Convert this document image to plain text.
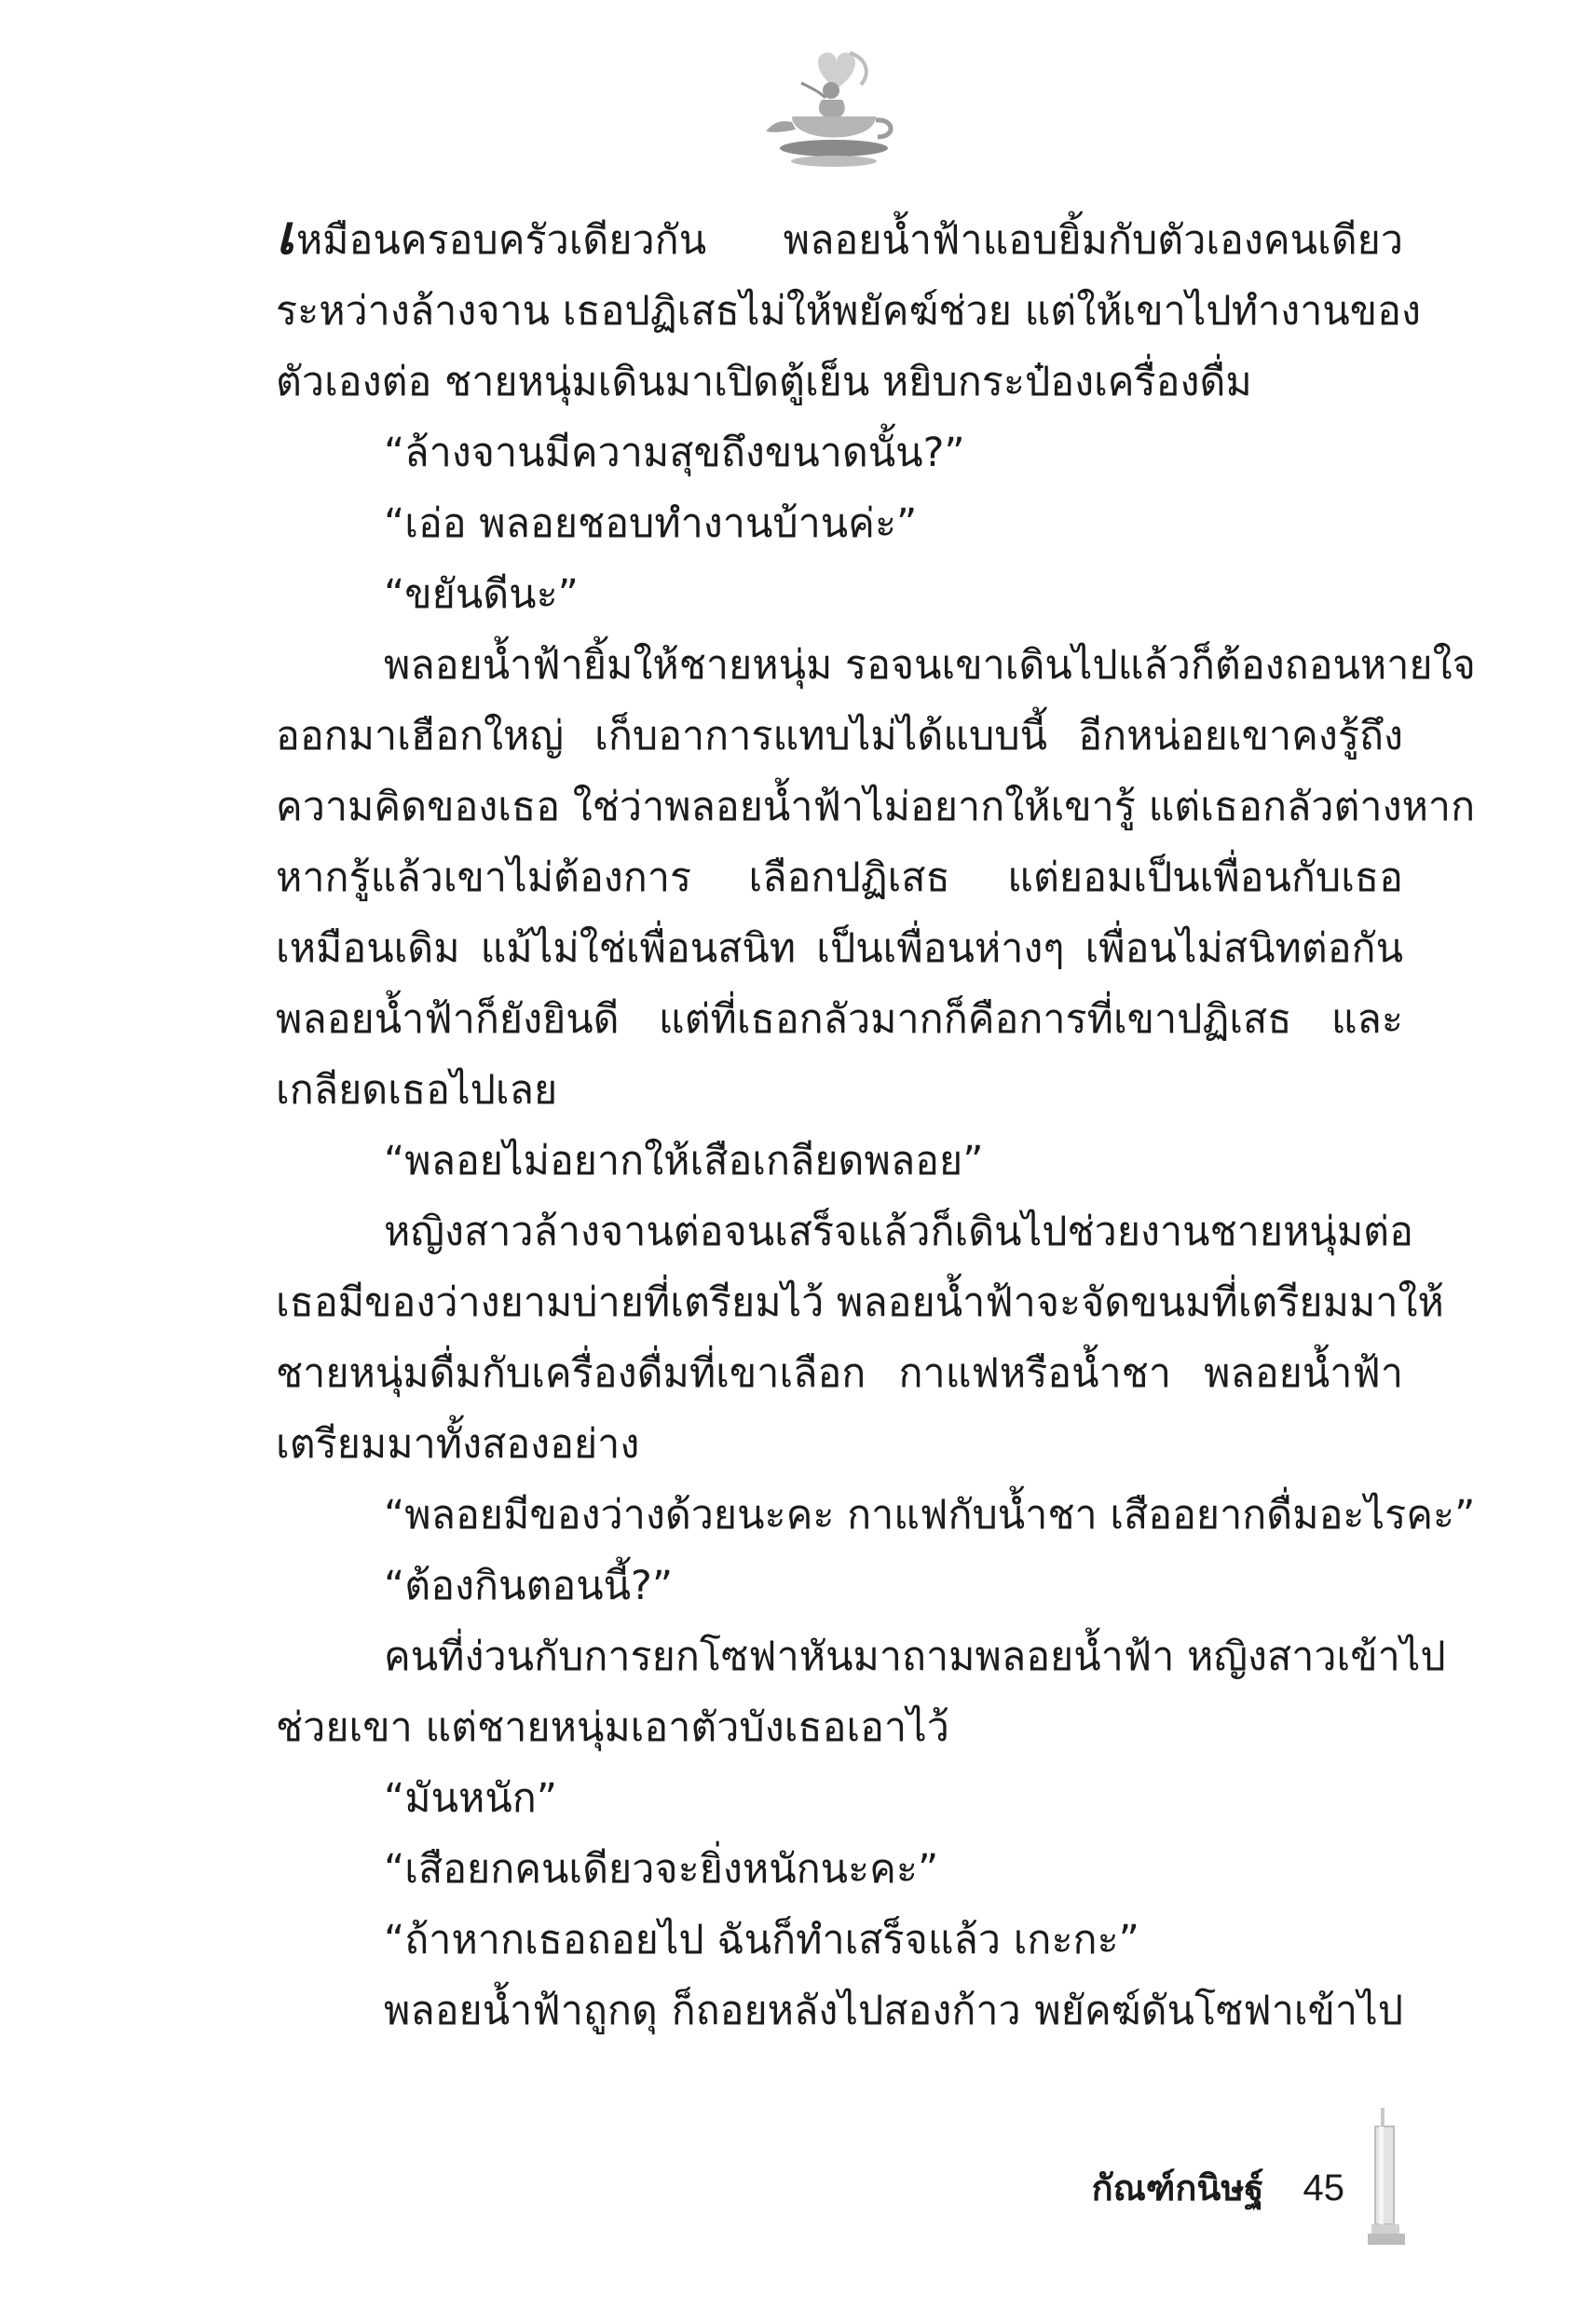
เหมือนครอบครัวเดียวกัน พลอยน้ำฟ้าแอบยิ้มกับตัวเองคนเดียว
ระหว่างล้างจาน เธอปฏิเสธไม่ให้พยัคฆ์ช่วย แต่ให้เขาไปทำงานของ
ตัวเองต่อ ชายหนุ่มเดินมาเปิดตู้เย็น หยิบกระป๋องเครื่องดื่ม
“ล้างจานมีความสุขถึงขนาดนั้น?”
“เอ่อ พลอยชอบทำงานบ้านค่ะ”
“ขยันดีนะ”
พลอยน้ำฟ้ายิ้มให้ชายหนุ่ม รอจนเขาเดินไปแล้วก็ต้องถอนหายใจ
ออกมาเฮือกใหญ่ เก็บอาการแทบไม่ได้แบบนี้ อีกหน่อยเขาคงรู้ถึง
ความคิดของเธอ ใช่ว่าพลอยน้ำฟ้าไม่อยากให้เขารู้ แต่เธอกลัวต่างหาก
หากรู้แล้วเขาไม่ต้องการ เลือกปฏิเสธ แต่ยอมเป็นเพื่อนกับเธอ
เหมือนเดิม แม้ไม่ใช่เพื่อนสนิท เป็นเพื่อนห่างๆ เพื่อนไม่สนิทต่อกัน
พลอยน้ำฟ้าก็ยังยินดี แต่ที่เธอกลัวมากก็คือการที่เขาปฏิเสธ และ
เกลียดเธอไปเลย
“พลอยไม่อยากให้เสือเกลียดพลอย”
หญิงสาวล้างจานต่อจนเสร็จแล้วก็เดินไปช่วยงานชายหนุ่มต่อ
เธอมีของว่างยามบ่ายที่เตรียมไว้ พลอยน้ำฟ้าจะจัดขนมที่เตรียมมาให้
ชายหนุ่มดื่มกับเครื่องดื่มที่เขาเลือก กาแฟหรือน้ำชา พลอยน้ำฟ้า
เตรียมมาทั้งสองอย่าง
“พลอยมีของว่างด้วยนะคะ กาแฟกับน้ำชา เสืออยากดื่มอะไรคะ”
“ต้องกินตอนนี้?”
คนที่ง่วนกับการยกโซฟาหันมาถามพลอยน้ำฟ้า หญิงสาวเข้าไป
ช่วยเขา แต่ชายหนุ่มเอาตัวบังเธอเอาไว้
“มันหนัก”
“เสือยกคนเดียวจะยิ่งหนักนะคะ”
“ถ้าหากเธอถอยไป ฉันก็ทำเสร็จแล้ว เกะกะ”
พลอยน้ำฟ้าถูกดุ ก็ถอยหลังไปสองก้าว พยัคฆ์ดันโซฟาเข้าไป
กัณฑ์กนิษฐ์ 45
